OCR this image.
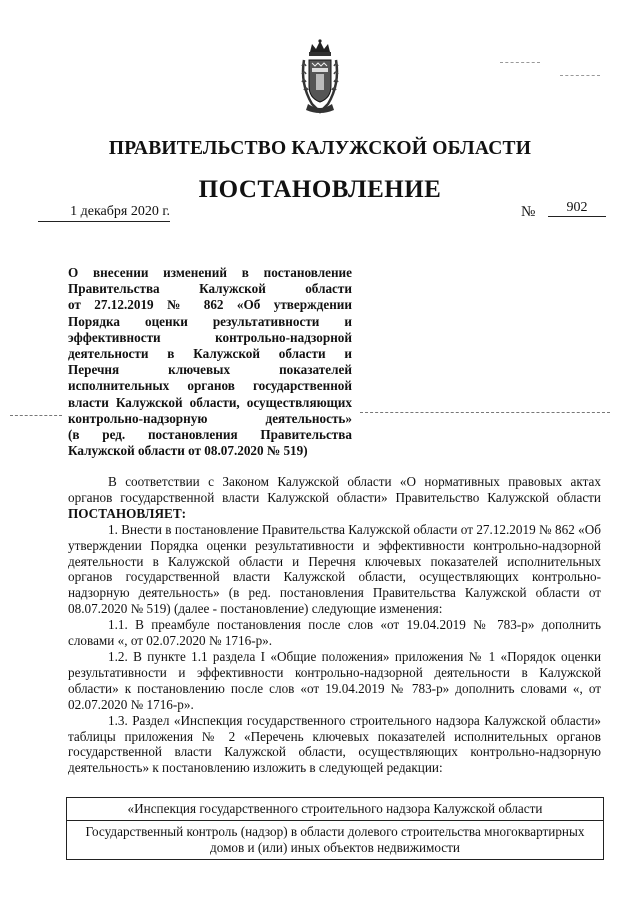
ПРАВИТЕЛЬСТВО КАЛУЖСКОЙ ОБЛАСТИ
ПОСТАНОВЛЕНИЕ
1 декабря 2020 г.	№	902
О внесении изменений в постановление
Правительства Калужской области
от 27.12.2019 № 862 «Об утверждении
Порядка оценки результативности и
эффективности контрольно-надзорной
деятельности в Калужской области и
Перечня ключевых показателей
исполнительных органов государственной
власти Калужской области, осуществляющих
контрольно-надзорную деятельность»
(в ред. постановления Правительства
Калужской области от 08.07.2020 № 519)

В соответствии с Законом Калужской области «О нормативных правовых актах органов государственной власти Калужской области» Правительство Калужской области ПОСТАНОВЛЯЕТ:

1. Внести в постановление Правительства Калужской области от 27.12.2019 № 862 «Об утверждении Порядка оценки результативности и эффективности контрольно-надзорной деятельности в Калужской области и Перечня ключевых показателей исполнительных органов государственной власти Калужской области, осуществляющих контрольно-надзорную деятельность» (в ред. постановления Правительства Калужской области от 08.07.2020 № 519) (далее - постановление) следующие изменения:

1.1. В преамбуле постановления после слов «от 19.04.2019 № 783-р» дополнить словами «, от 02.07.2020 № 1716-р».

1.2. В пункте 1.1 раздела I «Общие положения» приложения № 1 «Порядок оценки результативности и эффективности контрольно-надзорной деятельности в Калужской области» к постановлению после слов «от 19.04.2019 № 783-р» дополнить словами «, от 02.07.2020 № 1716-р».

1.3. Раздел «Инспекция государственного строительного надзора Калужской области» таблицы приложения № 2 «Перечень ключевых показателей исполнительных органов государственной власти Калужской области, осуществляющих контрольно-надзорную деятельность» к постановлению изложить в следующей редакции:

«Инспекция государственного строительного надзора Калужской области
Государственный контроль (надзор) в области долевого строительства многоквартирных домов и (или) иных объектов недвижимости
